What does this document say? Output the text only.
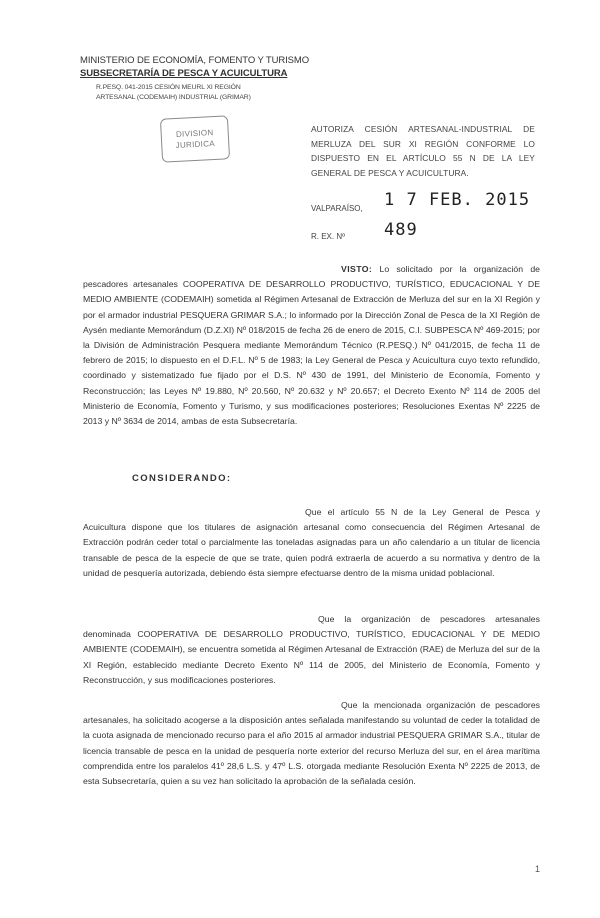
MINISTERIO DE ECONOMÍA, FOMENTO Y TURISMO
SUBSECRETARÍA DE PESCA Y ACUICULTURA
R.PESQ. 041-2015 CESIÓN MEURL XI REGIÓN
ARTESANAL (CODEMAIH) INDUSTRIAL (GRIMAR)
DIVISION
JURIDICA
AUTORIZA CESIÓN ARTESANAL-INDUSTRIAL DE MERLUZA DEL SUR XI REGIÓN CONFORME LO DISPUESTO EN EL ARTÍCULO 55 N DE LA LEY GENERAL DE PESCA Y ACUICULTURA.
VALPARAÍSO, 1 7 FEB. 2015
R. EX. Nº 489
VISTO: Lo solicitado por la organización de pescadores artesanales COOPERATIVA DE DESARROLLO PRODUCTIVO, TURÍSTICO, EDUCACIONAL Y DE MEDIO AMBIENTE (CODEMAIH) sometida al Régimen Artesanal de Extracción de Merluza del sur en la XI Región y por el armador industrial PESQUERA GRIMAR S.A.; lo informado por la Dirección Zonal de Pesca de la XI Región de Aysén mediante Memorándum (D.Z.XI) Nº 018/2015 de fecha 26 de enero de 2015, C.I. SUBPESCA Nº 469-2015; por la División de Administración Pesquera mediante Memorándum Técnico (R.PESQ.) Nº 041/2015, de fecha 11 de febrero de 2015; lo dispuesto en el D.F.L. Nº 5 de 1983; la Ley General de Pesca y Acuicultura cuyo texto refundido, coordinado y sistematizado fue fijado por el D.S. Nº 430 de 1991, del Ministerio de Economía, Fomento y Reconstrucción; las Leyes Nº 19.880, Nº 20.560, Nº 20.632 y Nº 20.657; el Decreto Exento Nº 114 de 2005 del Ministerio de Economía, Fomento y Turismo, y sus modificaciones posteriores; Resoluciones Exentas Nº 2225 de 2013 y Nº 3634 de 2014, ambas de esta Subsecretaría.
CONSIDERANDO:
Que el artículo 55 N de la Ley General de Pesca y Acuicultura dispone que los titulares de asignación artesanal como consecuencia del Régimen Artesanal de Extracción podrán ceder total o parcialmente las toneladas asignadas para un año calendario a un titular de licencia transable de pesca de la especie de que se trate, quien podrá extraerla de acuerdo a su normativa y dentro de la unidad de pesquería autorizada, debiendo ésta siempre efectuarse dentro de la misma unidad poblacional.
Que la organización de pescadores artesanales denominada COOPERATIVA DE DESARROLLO PRODUCTIVO, TURÍSTICO, EDUCACIONAL Y DE MEDIO AMBIENTE (CODEMAIH), se encuentra sometida al Régimen Artesanal de Extracción (RAE) de Merluza del sur de la XI Región, establecido mediante Decreto Exento Nº 114 de 2005, del Ministerio de Economía, Fomento y Reconstrucción, y sus modificaciones posteriores.
Que la mencionada organización de pescadores artesanales, ha solicitado acogerse a la disposición antes señalada manifestando su voluntad de ceder la totalidad de la cuota asignada de mencionado recurso para el año 2015 al armador industrial PESQUERA GRIMAR S.A., titular de licencia transable de pesca en la unidad de pesquería norte exterior del recurso Merluza del sur, en el área marítima comprendida entre los paralelos 41º 28,6 L.S. y 47º L.S. otorgada mediante Resolución Exenta Nº 2225 de 2013, de esta Subsecretaría, quien a su vez han solicitado la aprobación de la señalada cesión.
1
